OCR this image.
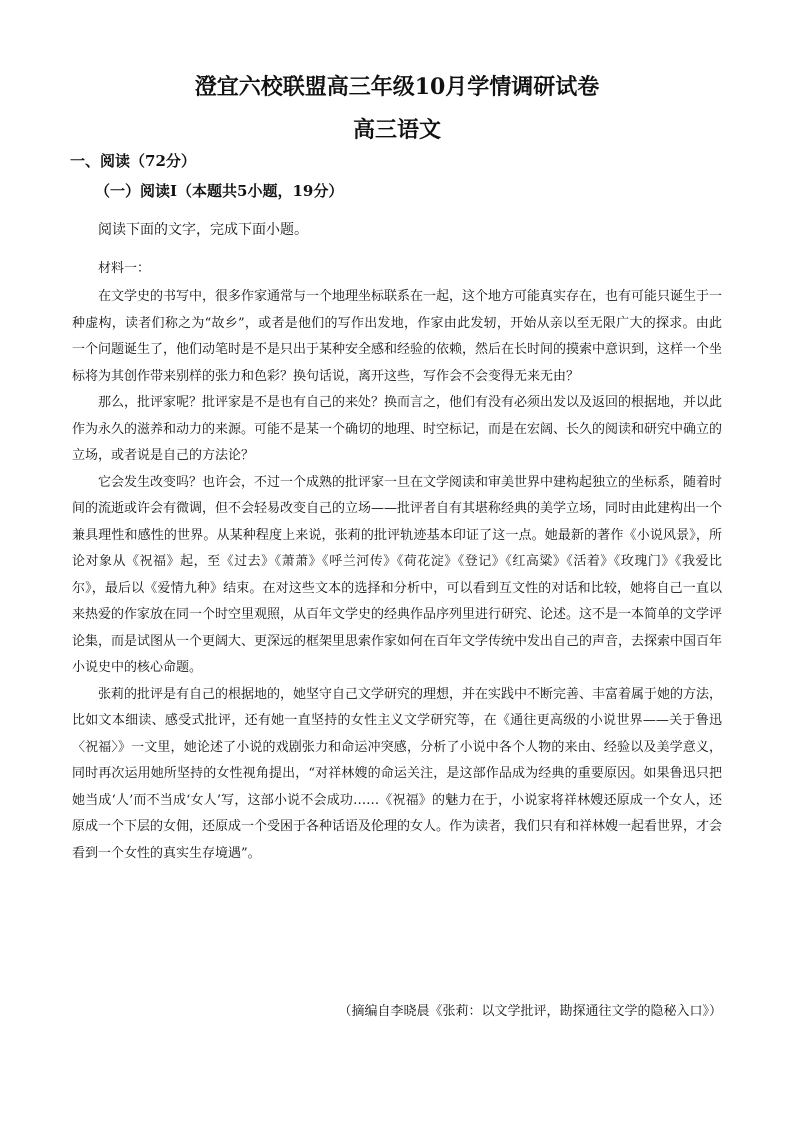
澄宜六校联盟高三年级10月学情调研试卷
高三语文
一、阅读（72分）
（一）阅读Ⅰ（本题共5小题，19分）
阅读下面的文字，完成下面小题。
材料一：

在文学史的书写中，很多作家通常与一个地理坐标联系在一起，这个地方可能真实存在，也有可能只诞生于一种虚构，读者们称之为“故乡”，或者是他们的写作出发地，作家由此发轫，开始从亲以至无限广大的探求。由此一个问题诞生了，他们动笔时是不是只出于某种安全感和经验的依赖，然后在长时间的摸索中意识到，这样一个坐标将为其创作带来别样的张力和色彩？换句话说，离开这些，写作会不会变得无来无由？

那么，批评家呢？批评家是不是也有自己的来处？换而言之，他们有没有必须出发以及返回的根据地，并以此作为永久的滋养和动力的来源。可能不是某一个确切的地理、时空标记，而是在宏阔、长久的阅读和研究中确立的立场，或者说是自己的方法论？

它会发生改变吗？也许会，不过一个成熟的批评家一旦在文学阅读和审美世界中建构起独立的坐标系，随着时间的流逝或许会有微调，但不会轻易改变自己的立场——批评者自有其堪称经典的美学立场，同时由此建构出一个兼具理性和感性的世界。从某种程度上来说，张莉的批评轨迹基本印证了这一点。她最新的著作《小说风景》，所论对象从《祝福》起，至《过去》《萧萧》《呼兰河传》《荷花淀》《登记》《红高粱》《活着》《玫瑰门》《我爱比尔》，最后以《爱情九种》结束。在对这些文本的选择和分析中，可以看到互文性的对话和比较，她将自己一直以来热爱的作家放在同一个时空里观照，从百年文学史的经典作品序列里进行研究、论述。这不是一本简单的文学评论集，而是试图从一个更阔大、更深远的框架里思索作家如何在百年文学传统中发出自己的声音，去探索中国百年小说史中的核心命题。

张莉的批评是有自己的根据地的，她坚守自己文学研究的理想，并在实践中不断完善、丰富着属于她的方法，比如文本细读、感受式批评，还有她一直坚持的女性主义文学研究等，在《通往更高级的小说世界——关于鲁迅〈祝福〉》一文里，她论述了小说的戏剧张力和命运冲突感，分析了小说中各个人物的来由、经验以及美学意义，同时再次运用她所坚持的女性视角提出，“对祥林嫂的命运关注，是这部作品成为经典的重要原因。如果鲁迅只把她当成‘人’而不当成‘女人’写，这部小说不会成功……《祝福》的魅力在于，小说家将祥林嫂还原成一个女人，还原成一个下层的女佣，还原成一个受困于各种话语及伦理的女人。作为读者，我们只有和祥林嫂一起看世界，才会看到一个女性的真实生存境遇”。

（摘编自李晓晨《张莉：以文学批评，勘探通往文学的隐秘入口》）
